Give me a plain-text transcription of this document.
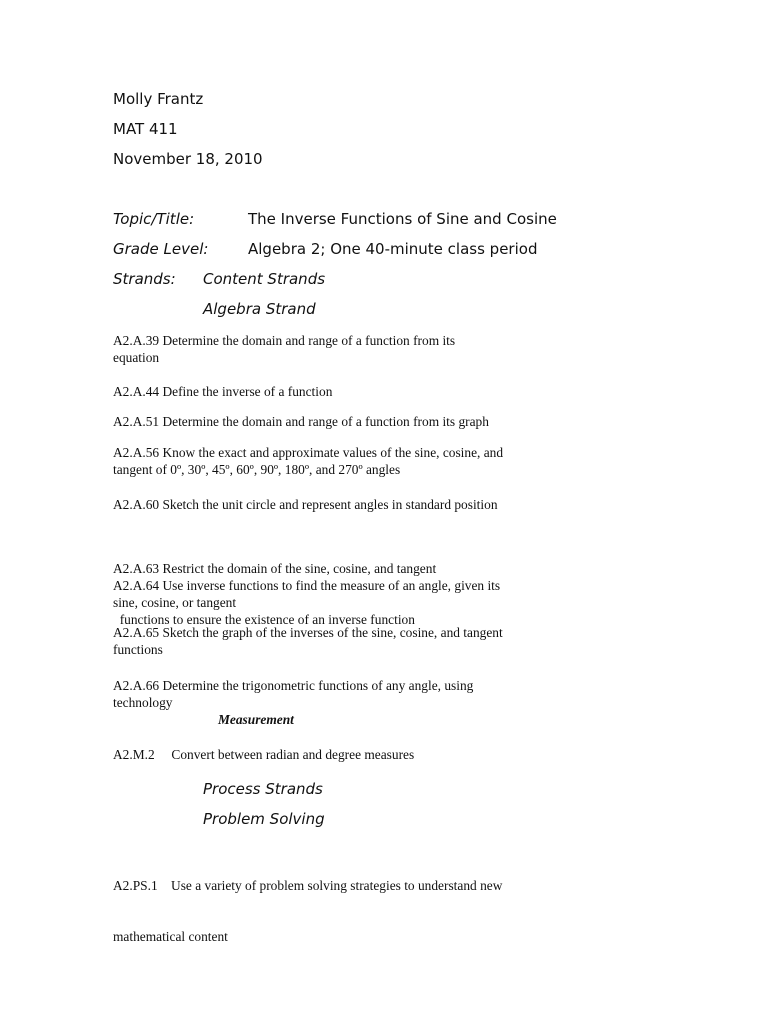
Molly Frantz
MAT 411
November 18, 2010
Topic/Title:	The Inverse Functions of Sine and Cosine
Grade Level:	Algebra 2; One 40-minute class period
Strands: Content Strands
Algebra Strand
A2.A.39 Determine the domain and range of a function from its
equation
A2.A.44 Define the inverse of a function
A2.A.51 Determine the domain and range of a function from its graph
A2.A.56 Know the exact and approximate values of the sine, cosine, and
tangent of 0º, 30º, 45º, 60º, 90º, 180º, and 270º angles
A2.A.60 Sketch the unit circle and represent angles in standard position

A2.A.63 Restrict the domain of the sine, cosine, and tangent

functions to ensure the existence of an inverse function

A2.A.64 Use inverse functions to find the measure of an angle, given its
sine, cosine, or tangent
A2.A.65 Sketch the graph of the inverses of the sine, cosine, and tangent
functions
A2.A.66 Determine the trigonometric functions of any angle, using
technology
Measurement
A2.M.2     Convert between radian and degree measures
Process Strands
Problem Solving

A2.PS.1    Use a variety of problem solving strategies to understand new

mathematical content
